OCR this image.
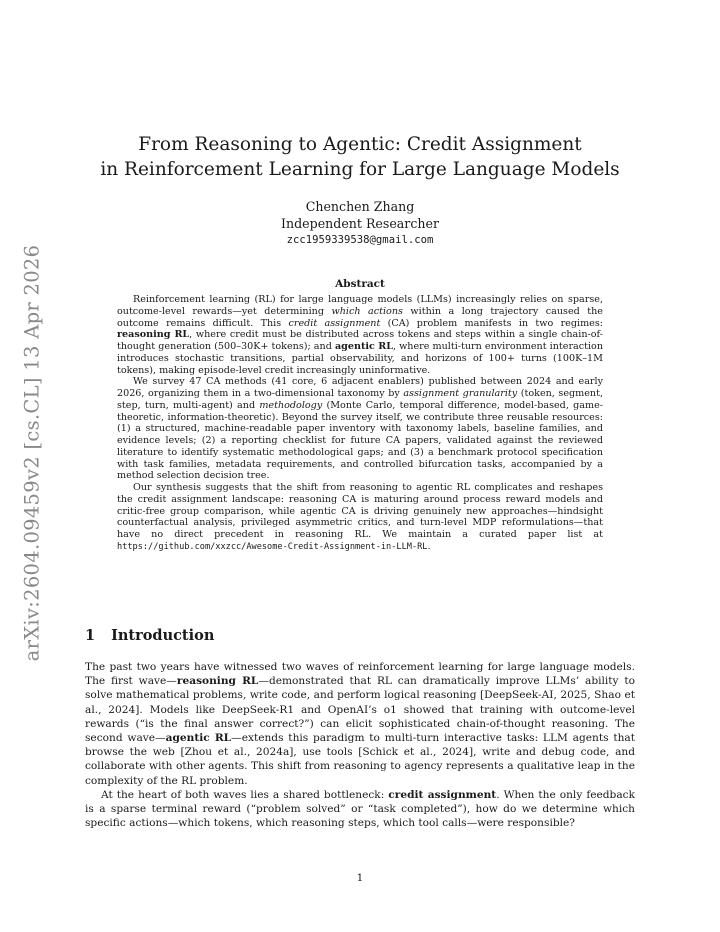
arXiv:2604.09459v2 [cs.CL] 13 Apr 2026
From Reasoning to Agentic: Credit Assignment
in Reinforcement Learning for Large Language Models
Chenchen Zhang
Independent Researcher
zcc1959339538@gmail.com
Abstract

Reinforcement learning (RL) for large language models (LLMs) increasingly relies on sparse, outcome-level rewards—yet determining which actions within a long trajectory caused the outcome remains difficult. This credit assignment (CA) problem manifests in two regimes: reasoning RL, where credit must be distributed across tokens and steps within a single chain-of-thought generation (500–30K+ tokens); and agentic RL, where multi-turn environment interaction introduces stochastic transitions, partial observability, and horizons of 100+ turns (100K–1M tokens), making episode-level credit increasingly uninformative.

We survey 47 CA methods (41 core, 6 adjacent enablers) published between 2024 and early 2026, organizing them in a two-dimensional taxonomy by assignment granularity (token, segment, step, turn, multi-agent) and methodology (Monte Carlo, temporal difference, model-based, game-theoretic, information-theoretic). Beyond the survey itself, we contribute three reusable resources: (1) a structured, machine-readable paper inventory with taxonomy labels, baseline families, and evidence levels; (2) a reporting checklist for future CA papers, validated against the reviewed literature to identify systematic methodological gaps; and (3) a benchmark protocol specification with task families, metadata requirements, and controlled bifurcation tasks, accompanied by a method selection decision tree.

Our synthesis suggests that the shift from reasoning to agentic RL complicates and reshapes the credit assignment landscape: reasoning CA is maturing around process reward models and critic-free group comparison, while agentic CA is driving genuinely new approaches—hindsight counterfactual analysis, privileged asymmetric critics, and turn-level MDP reformulations—that have no direct precedent in reasoning RL. We maintain a curated paper list at https://github.com/xxzcc/Awesome-Credit-Assignment-in-LLM-RL.

1 Introduction

The past two years have witnessed two waves of reinforcement learning for large language models. The first wave—reasoning RL—demonstrated that RL can dramatically improve LLMs’ ability to solve mathematical problems, write code, and perform logical reasoning [DeepSeek-AI, 2025, Shao et al., 2024]. Models like DeepSeek-R1 and OpenAI’s o1 showed that training with outcome-level rewards (“is the final answer correct?”) can elicit sophisticated chain-of-thought reasoning. The second wave—agentic RL—extends this paradigm to multi-turn interactive tasks: LLM agents that browse the web [Zhou et al., 2024a], use tools [Schick et al., 2024], write and debug code, and collaborate with other agents. This shift from reasoning to agency represents a qualitative leap in the complexity of the RL problem.

At the heart of both waves lies a shared bottleneck: credit assignment. When the only feedback is a sparse terminal reward (“problem solved” or “task completed”), how do we determine which specific actions—which tokens, which reasoning steps, which tool calls—were responsible?

1
